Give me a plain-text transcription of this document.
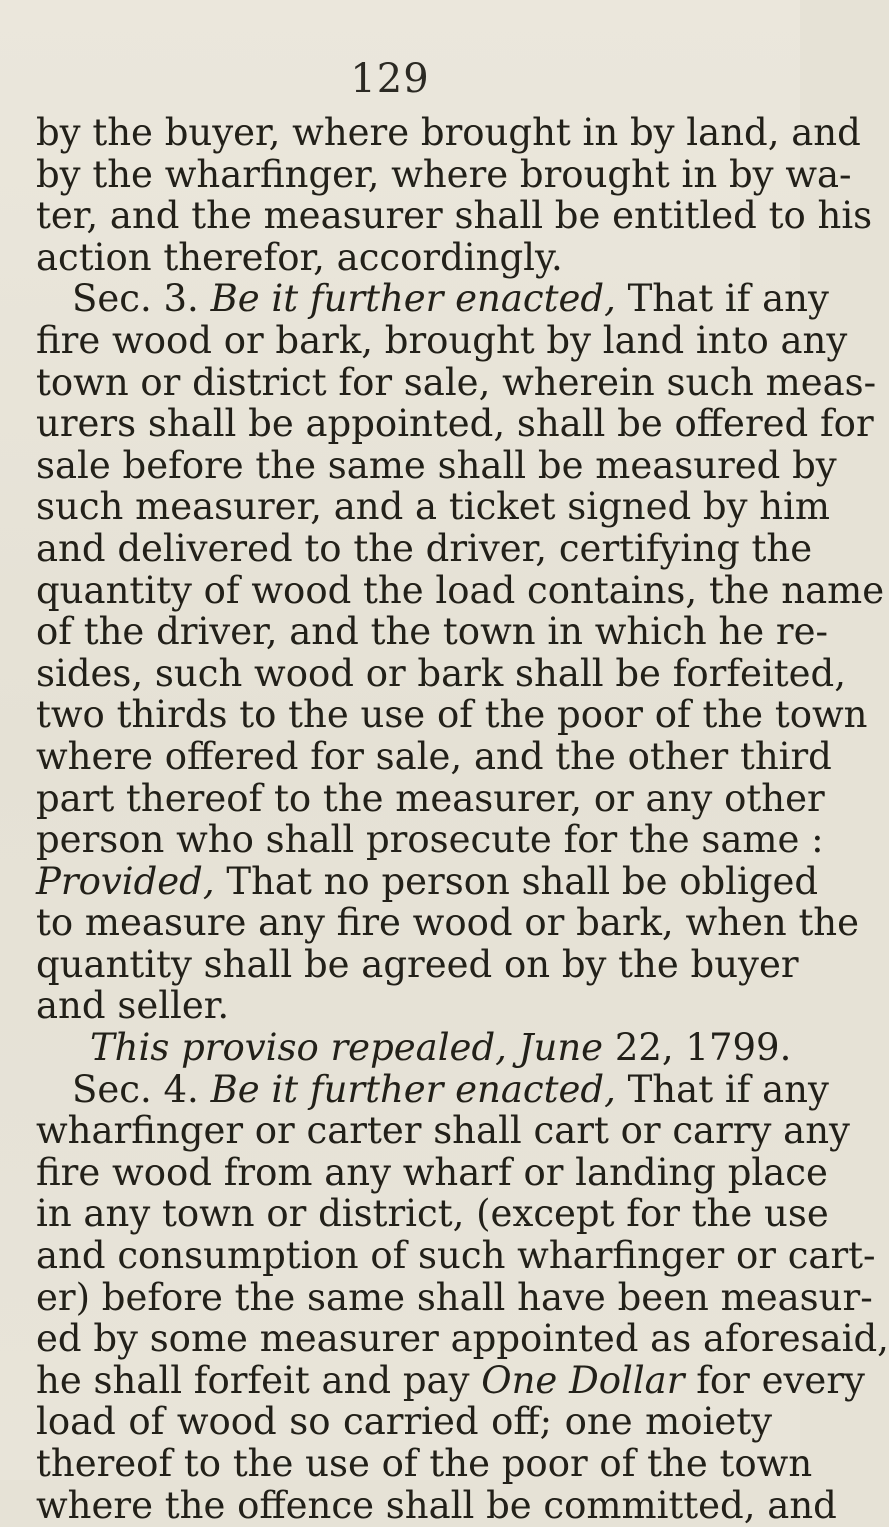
129
by the buyer, where brought in by land, and
by the wharfinger, where brought in by wa-
ter, and the measurer shall be entitled to his
action therefor, accordingly.
Sec. 3. Be it further enacted, That if any
fire wood or bark, brought by land into any
town or district for sale, wherein such meas-
urers shall be appointed, shall be offered for
sale before the same shall be measured by
such measurer, and a ticket signed by him
and delivered to the driver, certifying the
quantity of wood the load contains, the name
of the driver, and the town in which he re-
sides, such wood or bark shall be forfeited,
two thirds to the use of the poor of the town
where offered for sale, and the other third
part thereof to the measurer, or any other
person who shall prosecute for the same :
Provided, That no person shall be obliged
to measure any fire wood or bark, when the
quantity shall be agreed on by the buyer
and seller.
This proviso repealed, June 22, 1799.
Sec. 4. Be it further enacted, That if any
wharfinger or carter shall cart or carry any
fire wood from any wharf or landing place
in any town or district, (except for the use
and consumption of such wharfinger or cart-
er) before the same shall have been measur-
ed by some measurer appointed as aforesaid,
he shall forfeit and pay One Dollar for every
load of wood so carried off; one moiety
thereof to the use of the poor of the town
where the offence shall be committed, and
